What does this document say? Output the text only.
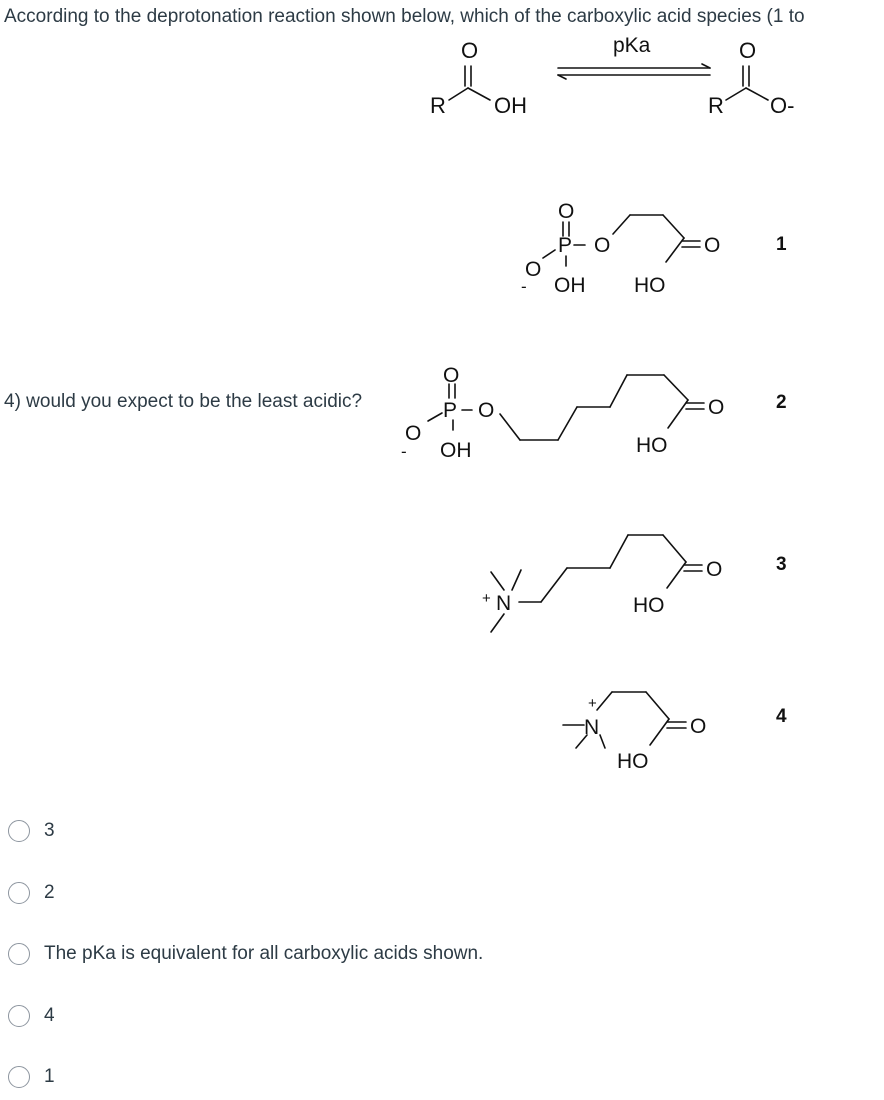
According to the deprotonation reaction shown below, which of the carboxylic acid species (1 to
4) would you expect to be the least acidic?
pKa
O
R OH
O
R O-
O
P O
O
- OH HO
O	1
O
P O
O
- OH	HO
O	2
+ N	HO
O	3
+
N
HO
O	4
3
2
The pKa is equivalent for all carboxylic acids shown.
4
1
